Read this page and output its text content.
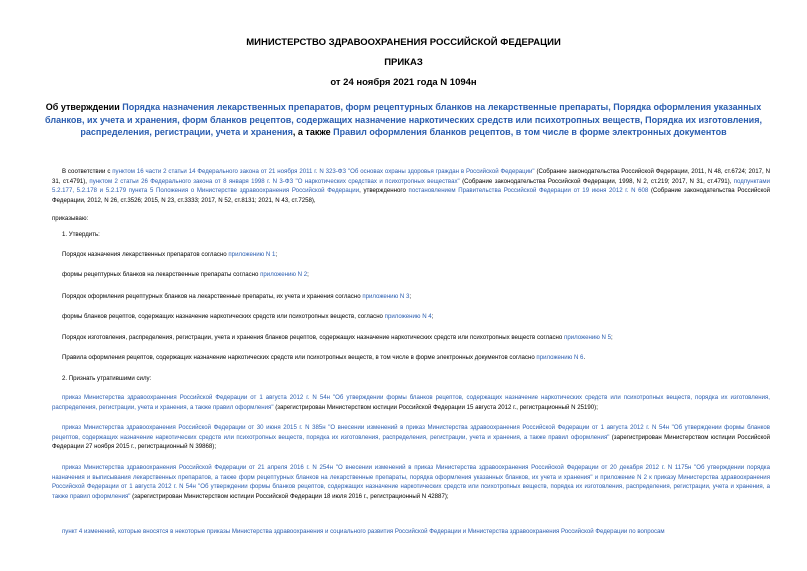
МИНИСТЕРСТВО ЗДРАВООХРАНЕНИЯ РОССИЙСКОЙ ФЕДЕРАЦИИ
ПРИКАЗ
от 24 ноября 2021 года N 1094н
Об утверждении Порядка назначения лекарственных препаратов, форм рецептурных бланков на лекарственные препараты, Порядка оформления указанных бланков, их учета и хранения, форм бланков рецептов, содержащих назначение наркотических средств или психотропных веществ, Порядка их изготовления, распределения, регистрации, учета и хранения, а также Правил оформления бланков рецептов, в том числе в форме электронных документов
В соответствии с пунктом 16 части 2 статьи 14 Федерального закона от 21 ноября 2011 г. N 323-ФЗ "Об основах охраны здоровья граждан в Российской Федерации" (Собрание законодательства Российской Федерации, 2011, N 48, ст.6724; 2017, N 31, ст.4791), пунктом 2 статьи 26 Федерального закона от 8 января 1998 г. N 3-ФЗ "О наркотических средствах и психотропных веществах" (Собрание законодательства Российской Федерации, 1998, N 2, ст.219; 2017, N 31, ст.4791), подпунктами 5.2.177, 5.2.178 и 5.2.179 пункта 5 Положения о Министерстве здравоохранения Российской Федерации, утвержденного постановлением Правительства Российской Федерации от 19 июня 2012 г. N 608 (Собрание законодательства Российской Федерации, 2012, N 26, ст.3526; 2015, N 23, ст.3333; 2017, N 52, ст.8131; 2021, N 43, ст.7258),
приказываю:
1. Утвердить:
Порядок назначения лекарственных препаратов согласно приложению N 1;
формы рецептурных бланков на лекарственные препараты согласно приложению N 2;
Порядок оформления рецептурных бланков на лекарственные препараты, их учета и хранения согласно приложению N 3;
формы бланков рецептов, содержащих назначение наркотических средств или психотропных веществ, согласно приложению N 4;
Порядок изготовления, распределения, регистрации, учета и хранения бланков рецептов, содержащих назначение наркотических средств или психотропных веществ согласно приложению N 5;
Правила оформления рецептов, содержащих назначение наркотических средств или психотропных веществ, в том числе в форме электронных документов согласно приложению N 6.
2. Признать утратившими силу:
приказ Министерства здравоохранения Российской Федерации от 1 августа 2012 г. N 54н "Об утверждении формы бланков рецептов, содержащих назначение наркотических средств или психотропных веществ, порядка их изготовления, распределения, регистрации, учета и хранения, а также правил оформления" (зарегистрирован Министерством юстиции Российской Федерации 15 августа 2012 г., регистрационный N 25190);
приказ Министерства здравоохранения Российской Федерации от 30 июня 2015 г. N 385н "О внесении изменений в приказ Министерства здравоохранения Российской Федерации от 1 августа 2012 г. N 54н "Об утверждении формы бланков рецептов, содержащих назначение наркотических средств или психотропных веществ, порядка их изготовления, распределения, регистрации, учета и хранения, а также правил оформления" (зарегистрирован Министерством юстиции Российской Федерации 27 ноября 2015 г., регистрационный N 39868);
приказ Министерства здравоохранения Российской Федерации от 21 апреля 2016 г. N 254н "О внесении изменений в приказ Министерства здравоохранения Российской Федерации от 20 декабря 2012 г. N 1175н "Об утверждении порядка назначения и выписывания лекарственных препаратов, а также форм рецептурных бланков на лекарственные препараты, порядка оформления указанных бланков, их учета и хранения" и приложение N 2 к приказу Министерства здравоохранения Российской Федерации от 1 августа 2012 г. N 54н "Об утверждении формы бланков рецептов, содержащих назначение наркотических средств или психотропных веществ, порядка их изготовления, распределения, регистрации, учета и хранения, а также правил оформления" (зарегистрирован Министерством юстиции Российской Федерации 18 июля 2016 г., регистрационный N 42887);
пункт 4 изменений, которые вносятся в некоторые приказы Министерства здравоохранения и социального развития Российской Федерации и Министерства здравоохранения Российской Федерации по вопросам
